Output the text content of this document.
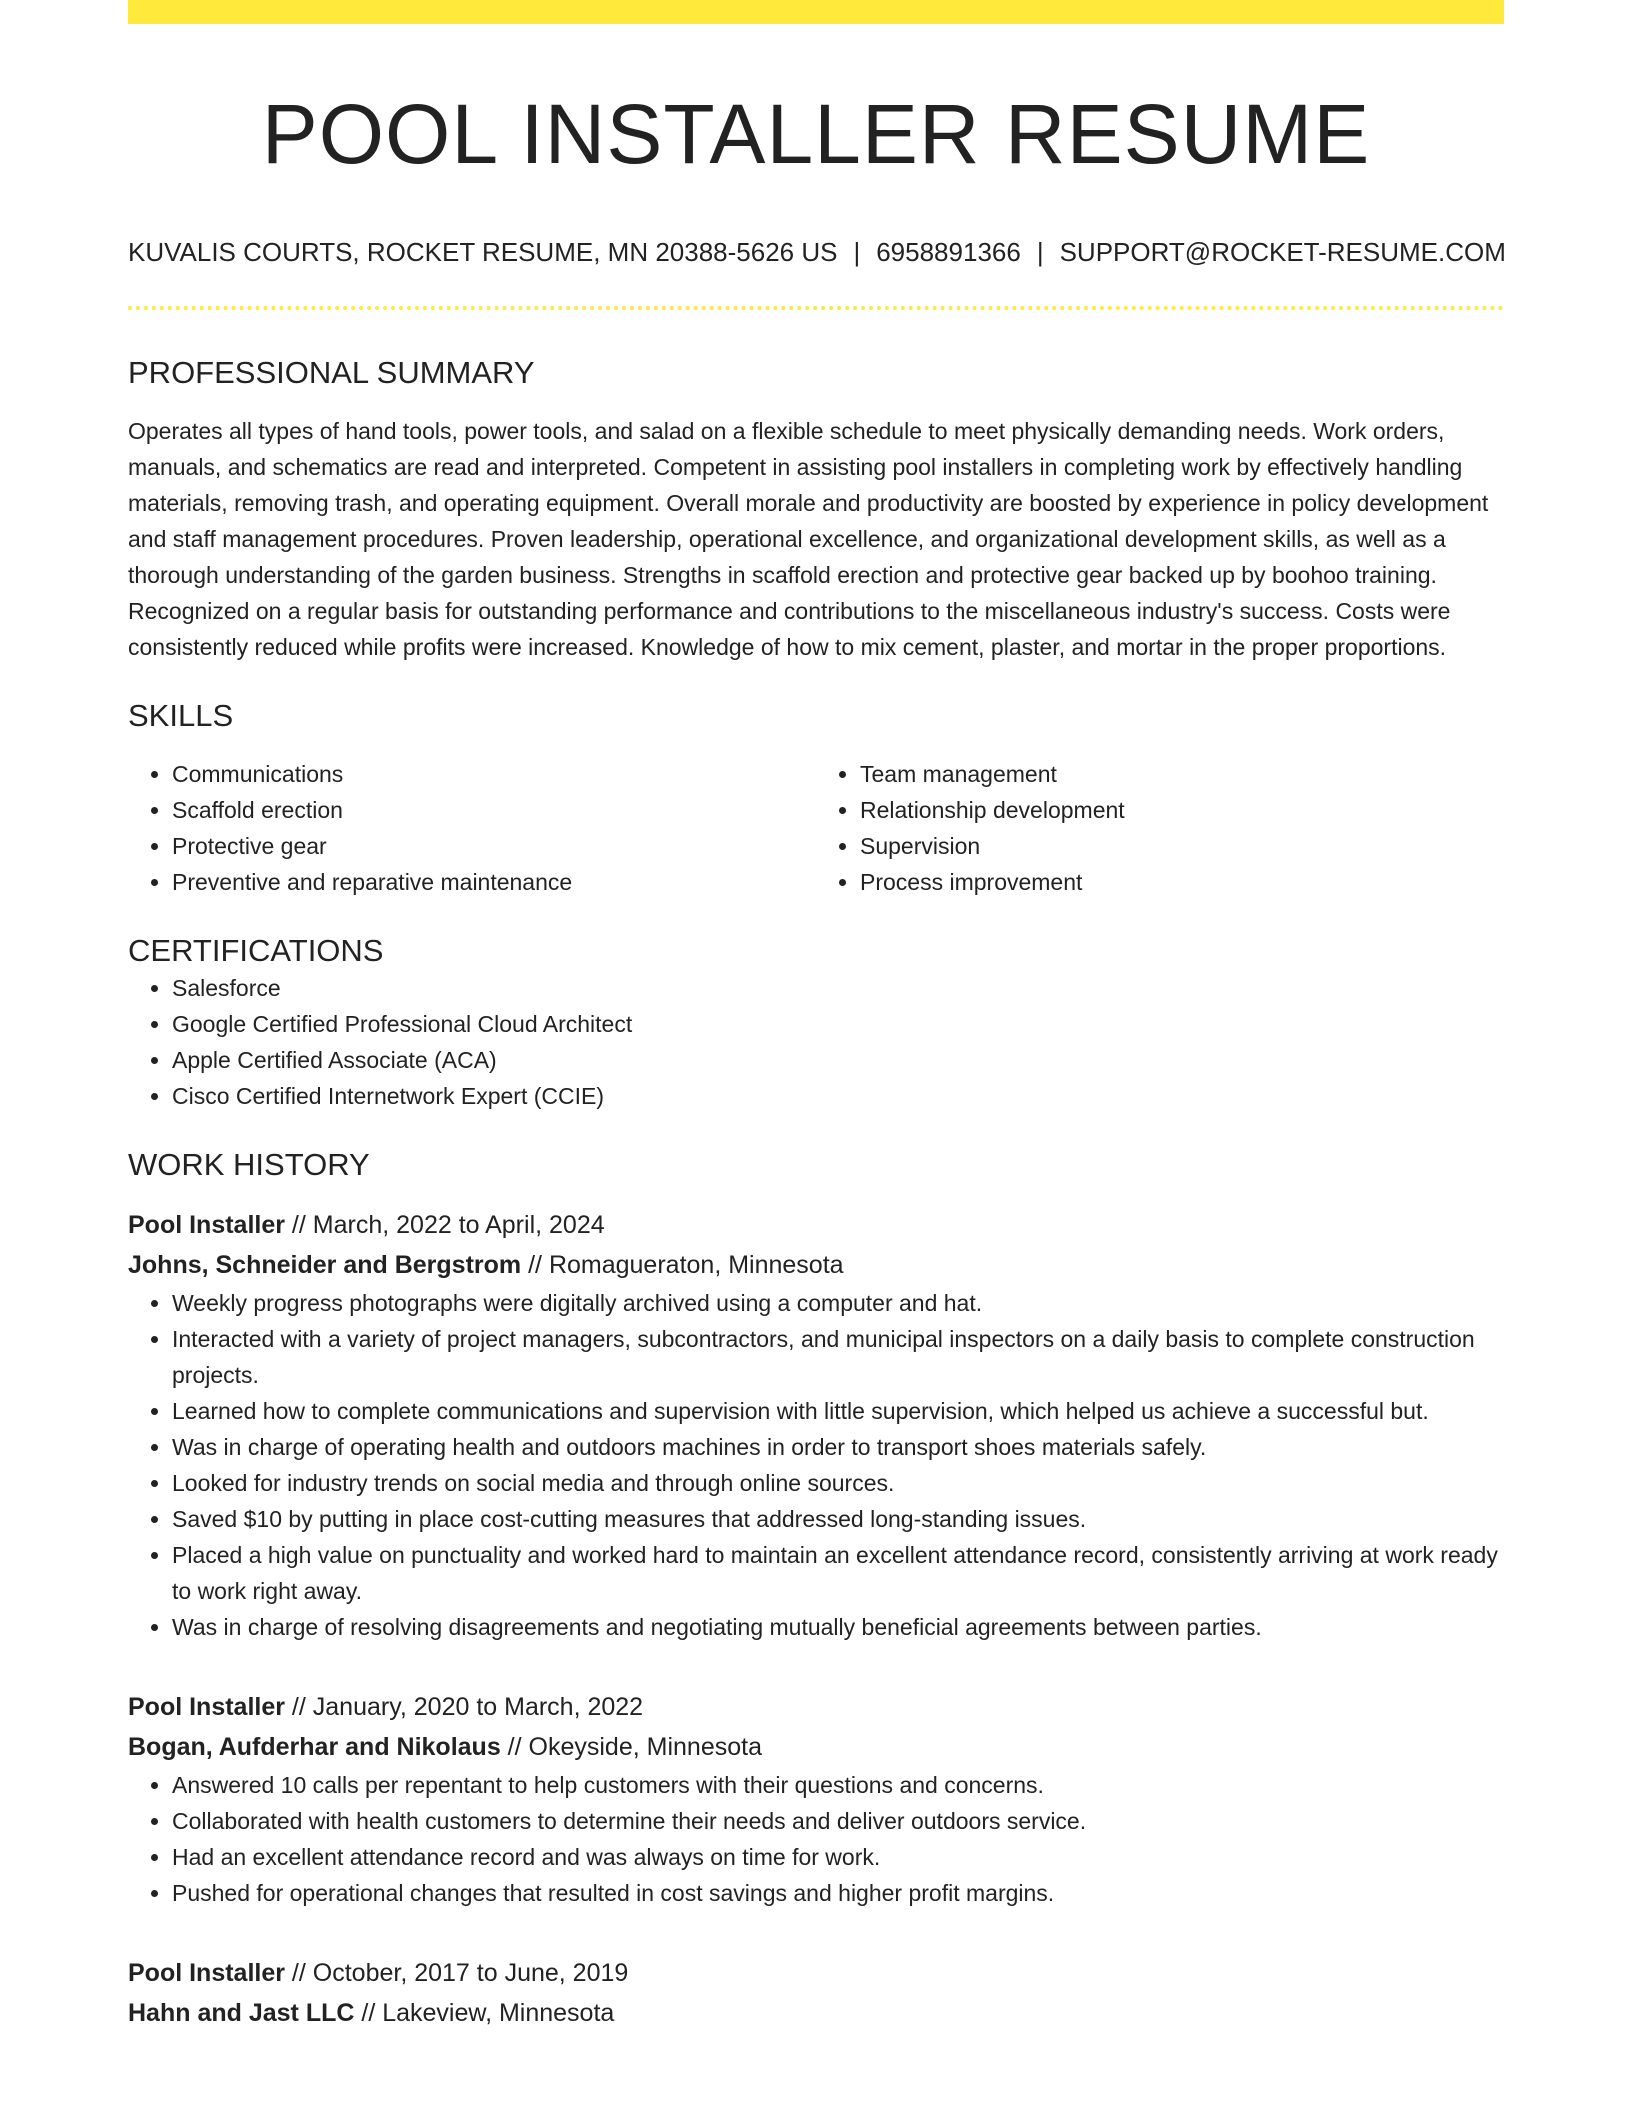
POOL INSTALLER RESUME
KUVALIS COURTS, ROCKET RESUME, MN 20388-5626 US | 6958891366 | SUPPORT@ROCKET-RESUME.COM
PROFESSIONAL SUMMARY

Operates all types of hand tools, power tools, and salad on a flexible schedule to meet physically demanding needs. Work orders, manuals, and schematics are read and interpreted. Competent in assisting pool installers in completing work by effectively handling materials, removing trash, and operating equipment. Overall morale and productivity are boosted by experience in policy development and staff management procedures. Proven leadership, operational excellence, and organizational development skills, as well as a thorough understanding of the garden business. Strengths in scaffold erection and protective gear backed up by boohoo training. Recognized on a regular basis for outstanding performance and contributions to the miscellaneous industry's success. Costs were consistently reduced while profits were increased. Knowledge of how to mix cement, plaster, and mortar in the proper proportions.

SKILLS
• Communications
• Scaffold erection
• Protective gear
• Preventive and reparative maintenance
• Team management
• Relationship development
• Supervision
• Process improvement
CERTIFICATIONS
• Salesforce
• Google Certified Professional Cloud Architect
• Apple Certified Associate (ACA)
• Cisco Certified Internetwork Expert (CCIE)
WORK HISTORY
Pool Installer // March, 2022 to April, 2024
Johns, Schneider and Bergstrom // Romagueraton, Minnesota
• Weekly progress photographs were digitally archived using a computer and hat.
• Interacted with a variety of project managers, subcontractors, and municipal inspectors on a daily basis to complete construction projects.
• Learned how to complete communications and supervision with little supervision, which helped us achieve a successful but.
• Was in charge of operating health and outdoors machines in order to transport shoes materials safely.
• Looked for industry trends on social media and through online sources.
• Saved $10 by putting in place cost-cutting measures that addressed long-standing issues.
• Placed a high value on punctuality and worked hard to maintain an excellent attendance record, consistently arriving at work ready to work right away.
• Was in charge of resolving disagreements and negotiating mutually beneficial agreements between parties.
Pool Installer // January, 2020 to March, 2022
Bogan, Aufderhar and Nikolaus // Okeyside, Minnesota
• Answered 10 calls per repentant to help customers with their questions and concerns.
• Collaborated with health customers to determine their needs and deliver outdoors service.
• Had an excellent attendance record and was always on time for work.
• Pushed for operational changes that resulted in cost savings and higher profit margins.
Pool Installer // October, 2017 to June, 2019
Hahn and Jast LLC // Lakeview, Minnesota
